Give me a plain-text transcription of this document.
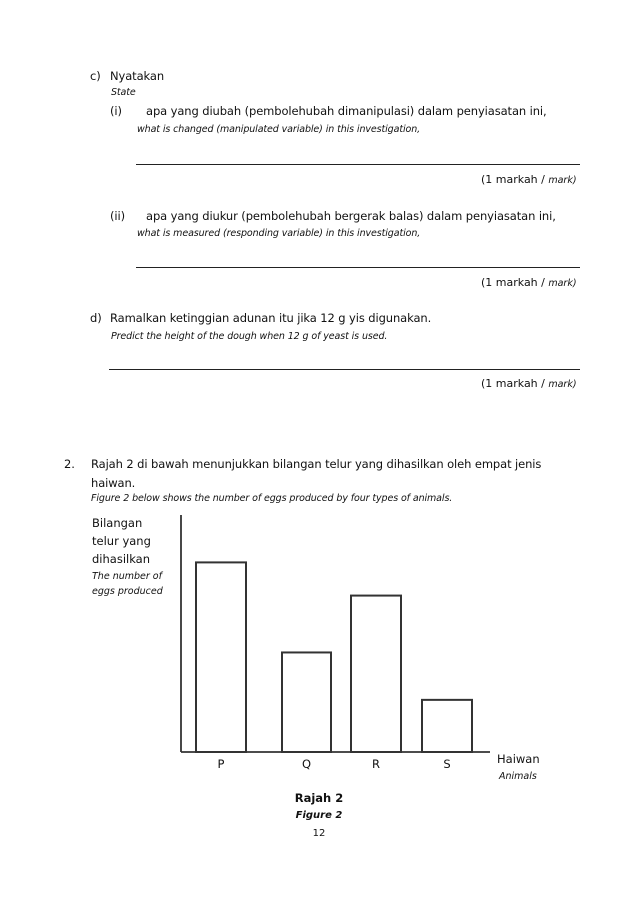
c) Nyatakan
State
(i) apa yang diubah (pembolehubah dimanipulasi) dalam penyiasatan ini,
what is changed (manipulated variable) in this investigation,
(1 markah / mark)
(ii) apa yang diukur (pembolehubah bergerak balas) dalam penyiasatan ini,
what is measured (responding variable) in this investigation,
(1 markah / mark)
d) Ramalkan ketinggian adunan itu jika 12 g yis digunakan.
Predict the height of the dough when 12 g of yeast is used.
(1 markah / mark)
2. Rajah 2 di bawah menunjukkan bilangan telur yang dihasilkan oleh empat jenis
haiwan.
Figure 2 below shows the number of eggs produced by four types of animals.
Bilangan
telur yang
dihasilkan
The number of
eggs produced
P	Q	R	S	Haiwan
Animals
Rajah 2
Figure 2
12
